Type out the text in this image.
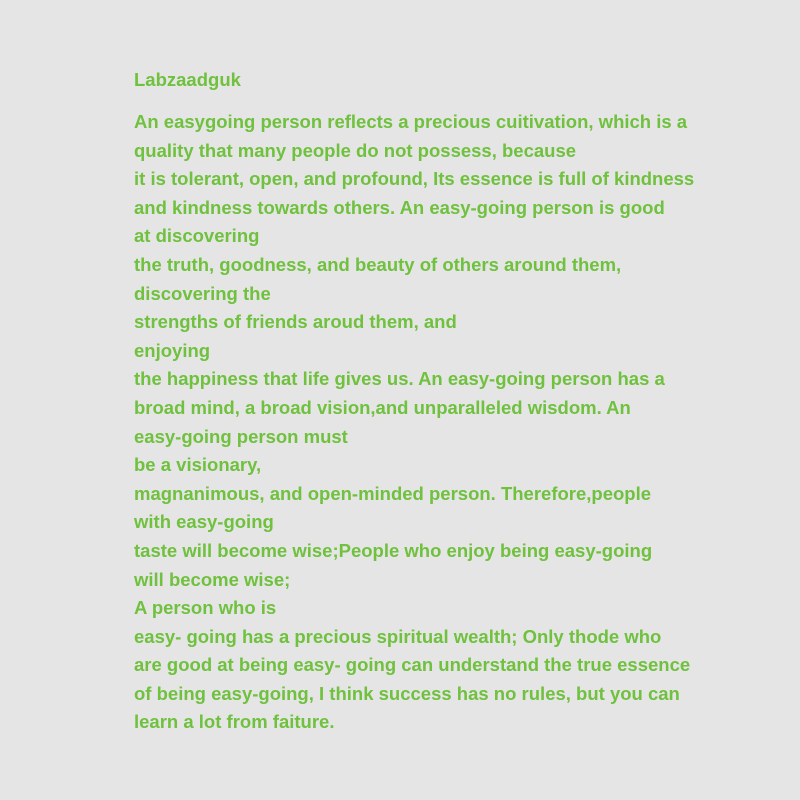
Labzaadguk
An easygoing person reflects a precious cuitivation, which is a
quality that many people do not possess, because
it is tolerant, open, and profound, Its essence is full of kindness
and kindness towards others. An easy-going person is good
at discovering
the truth, goodness, and beauty of others around them,
discovering the
strengths of friends aroud them, and
enjoying
the happiness that life gives us. An easy-going person has a
broad mind, a broad vision,and unparalleled wisdom. An
easy-going person must
be a visionary,
magnanimous, and open-minded person. Therefore,people
with easy-going
taste will become wise;People who enjoy being easy-going
will become wise;
A person who is
easy- going has a precious spiritual wealth; Only thode who
are good at being easy- going can understand the true essence
of being easy-going, I think success has no rules, but you can
learn a lot from faiture.
